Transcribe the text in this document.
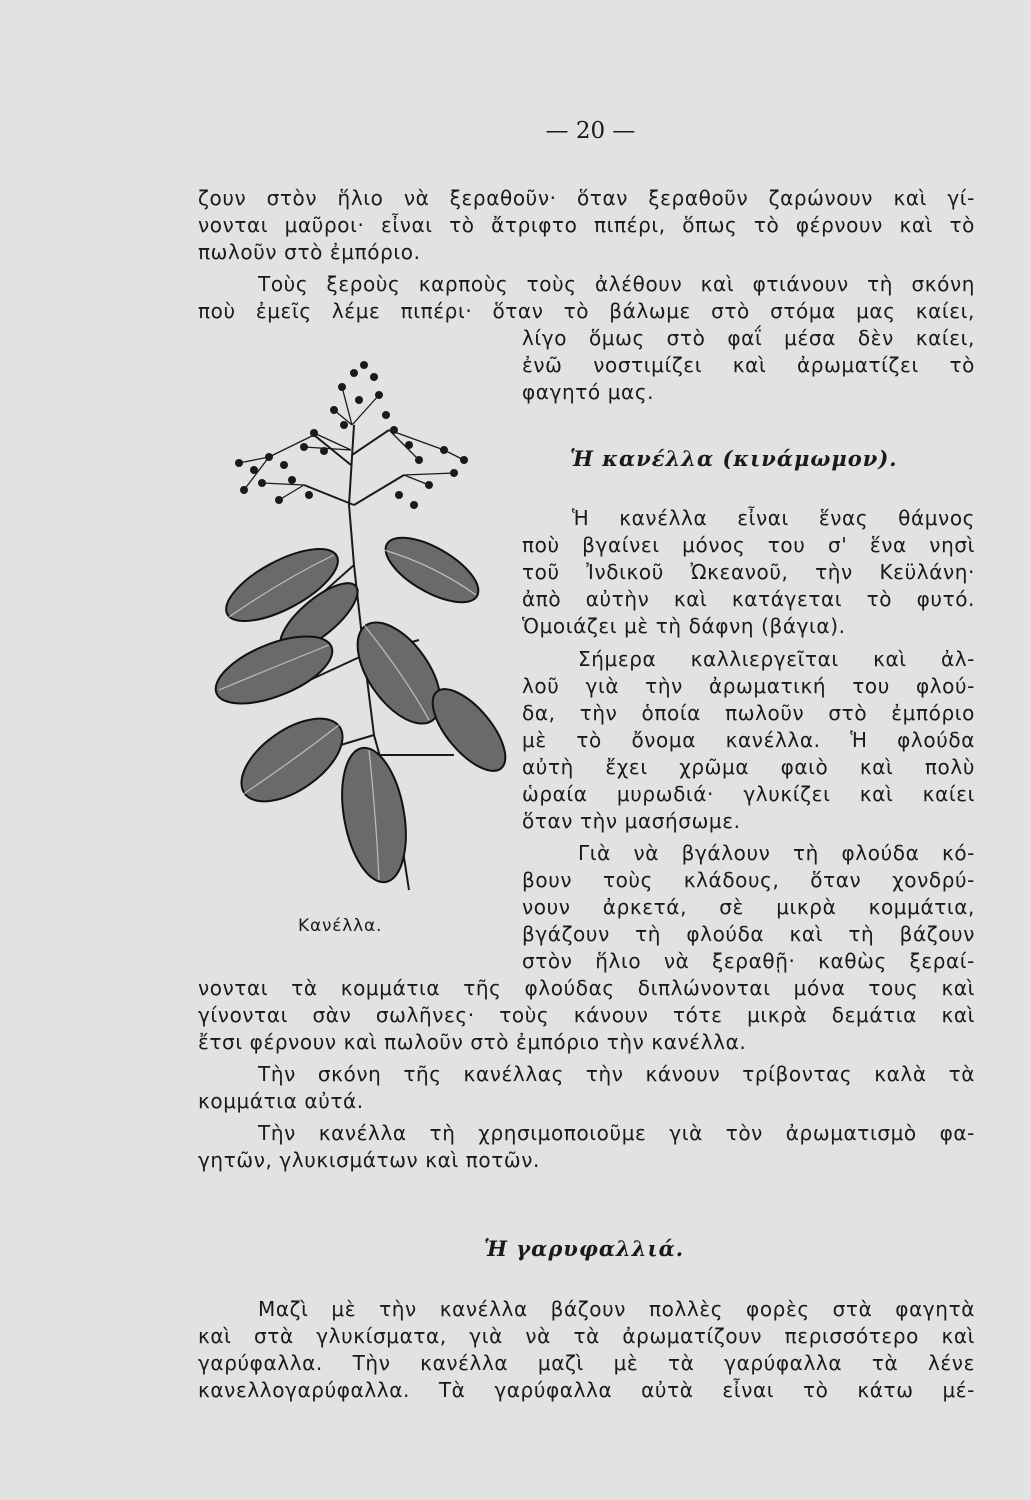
— 20 —
ζουν στὸν ἥλιο νὰ ξεραθοῦν· ὅταν ξεραθοῦν ζαρώνουν καὶ γί-
νονται μαῦροι· εἶναι τὸ ἄτριφτο πιπέρι, ὅπως τὸ φέρνουν καὶ τὸ
πωλοῦν στὸ ἐμπόριο.
Τοὺς ξεροὺς καρποὺς τοὺς ἀλέθουν καὶ φτιάνουν τὴ σκόνη
ποὺ ἐμεῖς λέμε πιπέρι· ὅταν τὸ βάλωμε στὸ στόμα μας καίει,
λίγο ὅμως στὸ φαΐ μέσα δὲν καίει,
ἐνῶ νοστιμίζει καὶ ἀρωματίζει τὸ
φαγητό μας.
Ἡ κανέλλα (κινάμωμον).
Ἡ κανέλλα εἶναι ἕνας θάμνος
ποὺ βγαίνει μόνος του σ' ἕνα νησὶ
τοῦ Ἰνδικοῦ Ὠκεανοῦ, τὴν Κεϋλάνη·
ἀπὸ αὐτὴν καὶ κατάγεται τὸ φυτό.
Ὁμοιάζει μὲ τὴ δάφνη (βάγια).
Σήμερα καλλιεργεῖται καὶ ἀλ-
λοῦ γιὰ τὴν ἀρωματική του φλού-
δα, τὴν ὁποία πωλοῦν στὸ ἐμπόριο
μὲ τὸ ὄνομα κανέλλα. Ἡ φλούδα
αὐτὴ ἔχει χρῶμα φαιὸ καὶ πολὺ
ὡραία μυρωδιά· γλυκίζει καὶ καίει
ὅταν τὴν μασήσωμε.
Γιὰ νὰ βγάλουν τὴ φλούδα κό-
βουν τοὺς κλάδους, ὅταν χονδρύ-
νουν ἀρκετά, σὲ μικρὰ κομμάτια,
βγάζουν τὴ φλούδα καὶ τὴ βάζουν
στὸν ἥλιο νὰ ξεραθῇ· καθὼς ξεραί-
νονται τὰ κομμάτια τῆς φλούδας διπλώνονται μόνα τους καὶ
γίνονται σὰν σωλῆνες· τοὺς κάνουν τότε μικρὰ δεμάτια καὶ
ἔτσι φέρνουν καὶ πωλοῦν στὸ ἐμπόριο τὴν κανέλλα.
Τὴν σκόνη τῆς κανέλλας τὴν κάνουν τρίβοντας καλὰ τὰ
κομμάτια αὐτά.
Τὴν κανέλλα τὴ χρησιμοποιοῦμε γιὰ τὸν ἀρωματισμὸ φα-
γητῶν, γλυκισμάτων καὶ ποτῶν.
Κανέλλα.
Ἡ γαρυφαλλιά.
Μαζὶ μὲ τὴν κανέλλα βάζουν πολλὲς φορὲς στὰ φαγητὰ
καὶ στὰ γλυκίσματα, γιὰ νὰ τὰ ἀρωματίζουν περισσότερο καὶ
γαρύφαλλα. Τὴν κανέλλα μαζὶ μὲ τὰ γαρύφαλλα τὰ λένε
κανελλογαρύφαλλα. Τὰ γαρύφαλλα αὐτὰ εἶναι τὸ κάτω μέ-
